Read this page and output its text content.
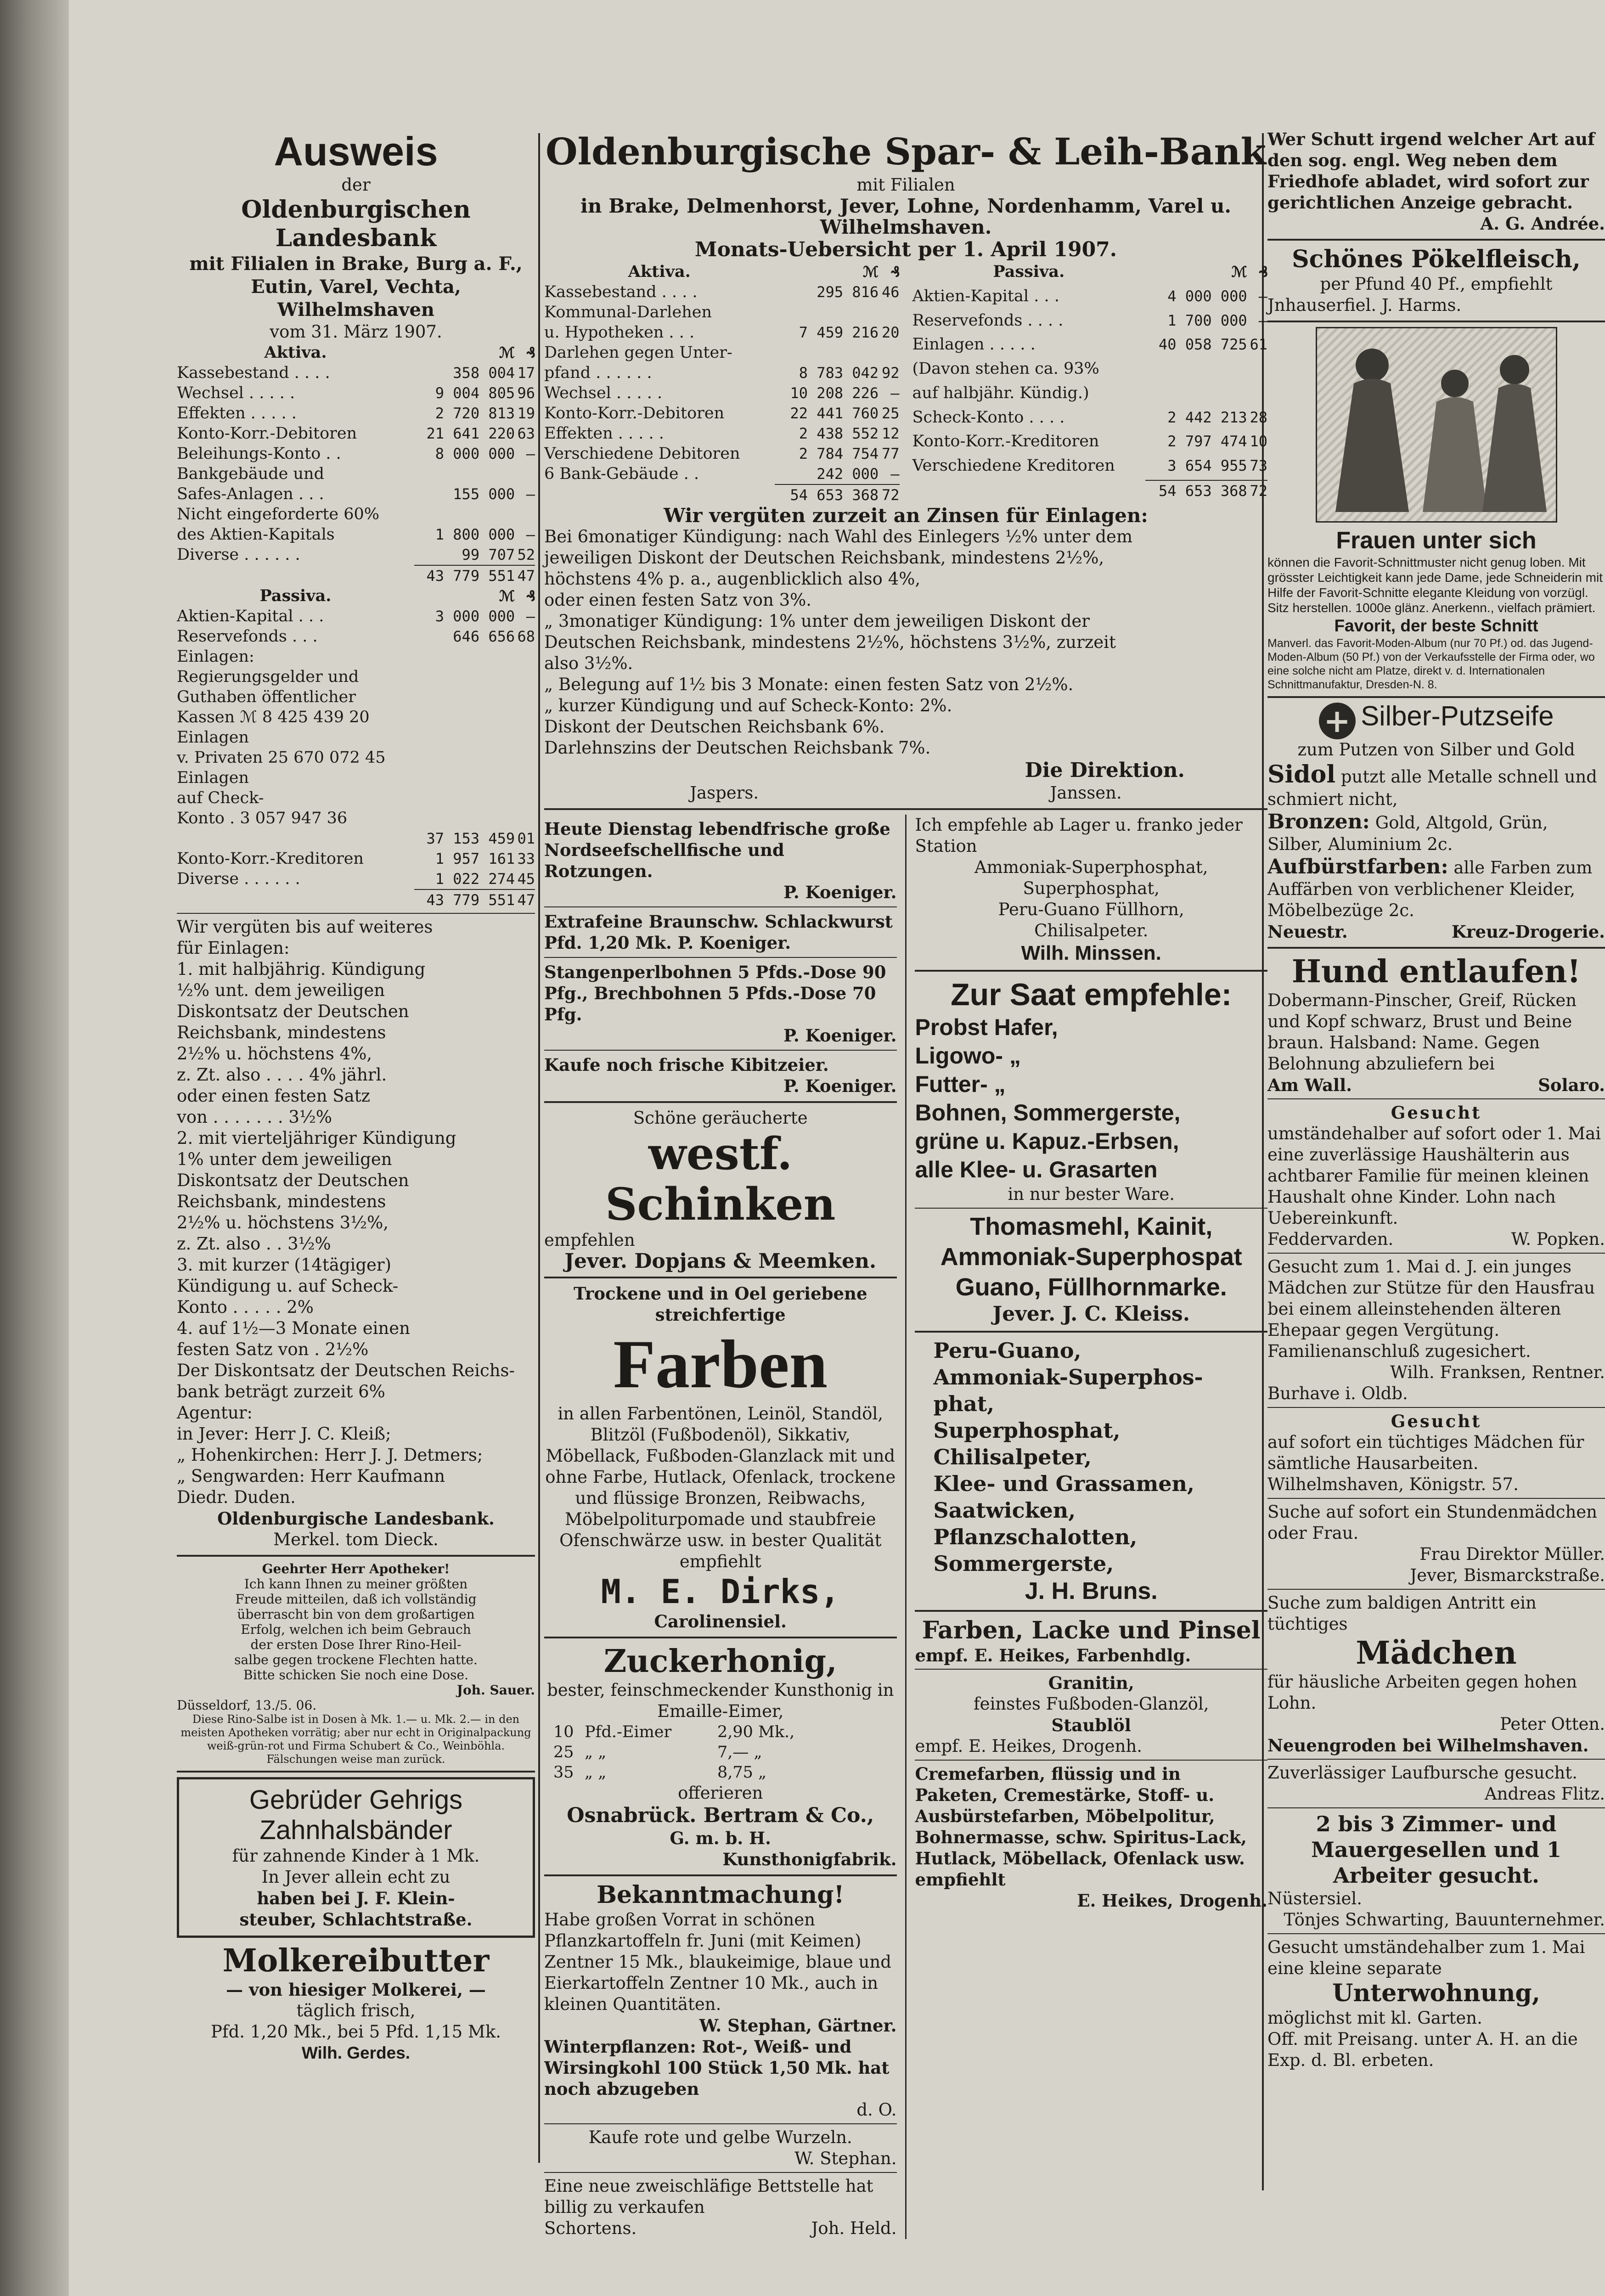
Ausweis
der
Oldenburgischen Landesbank
mit Filialen in Brake, Burg a. F., Eutin, Varel, Vechta, Wilhelmshaven
vom 31. März 1907.
Aktiva.	ℳ	₰
Kassebestand . . . .	358 004	17
Wechsel . . . . .	9 004 805	96
Effekten . . . . .	2 720 813	19
Konto-Korr.-Debitoren	21 641 220	63
Beleihungs-Konto . .	8 000 000	—
Bankgebäude und		
Safes-Anlagen . . .	155 000	—
Nicht eingeforderte 60%		
des Aktien-Kapitals	1 800 000	—
Diverse . . . . . .	99 707	52
	43 779 551	47
Passiva.	ℳ	₰
Aktien-Kapital . . .	3 000 000	—
Reservefonds . . .	646 656	68
Einlagen:		
Regierungsgelder und		
Guthaben öffentlicher		
Kassen ℳ 8 425 439 20		
Einlagen		
v. Privaten 25 670 072 45		
Einlagen		
auf Check-		
Konto . 3 057 947 36		
	37 153 459	01
Konto-Korr.-Kreditoren	1 957 161	33
Diverse . . . . . .	1 022 274	45
	43 779 551	47
Wir vergüten bis auf weiteres
für Einlagen:
1. mit halbjährig. Kündigung
½% unt. dem jeweiligen
Diskontsatz der Deutschen
Reichsbank, mindestens
2½% u. höchstens 4%,
z. Zt. also . . . . 4% jährl.
oder einen festen Satz
von . . . . . . . 3½%
2. mit vierteljähriger Kündigung
1% unter dem jeweiligen
Diskontsatz der Deutschen
Reichsbank, mindestens
2½% u. höchstens 3½%,
z. Zt. also . . 3½%
3. mit kurzer (14tägiger)
Kündigung u. auf Scheck-
Konto . . . . . 2%
4. auf 1½—3 Monate einen
festen Satz von . 2½%
Der Diskontsatz der Deutschen Reichs-
bank beträgt zurzeit 6%
Agentur:
in Jever: Herr J. C. Kleiß;
„ Hohenkirchen: Herr J. J. Detmers;
„ Sengwarden: Herr Kaufmann
Diedr. Duden.
Oldenburgische Landesbank.
Merkel. tom Dieck.
Geehrter Herr Apotheker!
Ich kann Ihnen zu meiner größten
Freude mitteilen, daß ich vollständig
überrascht bin von dem großartigen
Erfolg, welchen ich beim Gebrauch
der ersten Dose Ihrer Rino-Heil-
salbe gegen trockene Flechten hatte.
Bitte schicken Sie noch eine Dose.
Joh. Sauer.
Düsseldorf, 13./5. 06.
Diese Rino-Salbe ist in Dosen à Mk. 1.— u. Mk. 2.— in den meisten Apotheken vorrätig; aber nur echt in Originalpackung weiß-grün-rot und Firma Schubert & Co., Weinböhla. Fälschungen weise man zurück.
Gebrüder Gehrigs
Zahnhalsbänder
für zahnende Kinder à 1 Mk.
In Jever allein echt zu
haben bei J. F. Klein-
steuber, Schlachtstraße.
Molkereibutter
— von hiesiger Molkerei, —
täglich frisch,
Pfd. 1,20 Mk., bei 5 Pfd. 1,15 Mk.
Wilh. Gerdes.
Oldenburgische Spar- & Leih-Bank
mit Filialen
in Brake, Delmenhorst, Jever, Lohne, Nordenhamm, Varel u. Wilhelmshaven.
Monats-Uebersicht per 1. April 1907.
Aktiva.	ℳ	₰
Kassebestand . . . .	295 816	46
Kommunal-Darlehen		
u. Hypotheken . . .	7 459 216	20
Darlehen gegen Unter-		
pfand . . . . . .	8 783 042	92
Wechsel . . . . .	10 208 226	—
Konto-Korr.-Debitoren	22 441 760	25
Effekten . . . . .	2 438 552	12
Verschiedene Debitoren	2 784 754	77
6 Bank-Gebäude . .	242 000	—
	54 653 368	72
Passiva.	ℳ	₰
Aktien-Kapital . . .	4 000 000	—
Reservefonds . . . .	1 700 000	—
Einlagen . . . . .	40 058 725	61
(Davon stehen ca. 93%		
auf halbjähr. Kündig.)		
Scheck-Konto . . . .	2 442 213	28
Konto-Korr.-Kreditoren	2 797 474	10
Verschiedene Kreditoren	3 654 955	73
	54 653 368	72
Wir vergüten zurzeit an Zinsen für Einlagen:
Bei 6monatiger Kündigung: nach Wahl des Einlegers ½% unter dem
jeweiligen Diskont der Deutschen Reichsbank, mindestens 2½%,
höchstens 4% p. a., augenblicklich also 4%,
oder einen festen Satz von 3%.
„ 3monatiger Kündigung: 1% unter dem jeweiligen Diskont der
Deutschen Reichsbank, mindestens 2½%, höchstens 3½%, zurzeit
also 3½%.
„ Belegung auf 1½ bis 3 Monate: einen festen Satz von 2½%.
„ kurzer Kündigung und auf Scheck-Konto: 2%.
Diskont der Deutschen Reichsbank 6%.
Darlehnszins der Deutschen Reichsbank 7%.
Die Direktion.
Jaspers.	Janssen.
Heute Dienstag lebendfrische große Nordseefschellfische und Rotzungen.
P. Koeniger.
Extrafeine Braunschw. Schlackwurst Pfd. 1,20 Mk. P. Koeniger.
Stangenperlbohnen 5 Pfds.-Dose 90 Pfg., Brechbohnen 5 Pfds.-Dose 70 Pfg.
P. Koeniger.
Kaufe noch frische Kibitzeier.
P. Koeniger.
Schöne geräucherte
westf. Schinken
empfehlen
Jever. Dopjans & Meemken.
Trockene und in Oel geriebene streichfertige
Farben
in allen Farbentönen, Leinöl, Standöl, Blitzöl (Fußbodenöl), Sikkativ, Möbellack, Fußboden-Glanzlack mit und ohne Farbe, Hutlack, Ofenlack, trockene und flüssige Bronzen, Reibwachs, Möbelpoliturpomade und staubfreie Ofenschwärze usw. in bester Qualität empfiehlt
M. E. Dirks,
Carolinensiel.
Zuckerhonig,
bester, feinschmeckender Kunsthonig in Emaille-Eimer,
10	Pfd.-Eimer	2,90 Mk.,
25	„ „	7,— „
35	„ „	8,75 „
offerieren
Osnabrück. Bertram & Co.,
G. m. b. H.
Kunsthonigfabrik.
Bekanntmachung!
Habe großen Vorrat in schönen Pflanzkartoffeln fr. Juni (mit Keimen) Zentner 15 Mk., blaukeimige, blaue und Eierkartoffeln Zentner 10 Mk., auch in kleinen Quantitäten.
W. Stephan, Gärtner.
Winterpflanzen: Rot-, Weiß- und Wirsingkohl 100 Stück 1,50 Mk. hat noch abzugeben
d. O.
Kaufe rote und gelbe Wurzeln.
W. Stephan.
Eine neue zweischläfige Bettstelle hat billig zu verkaufen
Schortens.	Joh. Held.
Ich empfehle ab Lager u. franko jeder Station
Ammoniak-Superphosphat,
Superphosphat,
Peru-Guano Füllhorn,
Chilisalpeter.
Wilh. Minssen.
Zur Saat empfehle:
Probst Hafer,
Ligowo- „
Futter- „
Bohnen, Sommergerste,
grüne u. Kapuz.-Erbsen,
alle Klee- u. Grasarten
in nur bester Ware.
Thomasmehl, Kainit, Ammoniak-Superphospat Guano, Füllhornmarke.
Jever. J. C. Kleiss.
Peru-Guano,
Ammoniak-Superphos-
phat,
Superphosphat,
Chilisalpeter,
Klee- und Grassamen,
Saatwicken,
Pflanzschalotten,
Sommergerste,
J. H. Bruns.
Farben, Lacke und Pinsel
empf. E. Heikes, Farbenhdlg.
Granitin,
feinstes Fußboden-Glanzöl,
Staublöl
empf. E. Heikes, Drogenh.
Cremefarben, flüssig und in Paketen, Cremestärke, Stoff- u. Ausbürstefarben, Möbelpolitur, Bohnermasse, schw. Spiritus-Lack, Hutlack, Möbellack, Ofenlack usw. empfiehlt
E. Heikes, Drogenh.
Wer Schutt irgend welcher Art auf den sog. engl. Weg neben dem Friedhofe abladet, wird sofort zur gerichtlichen Anzeige gebracht.
A. G. Andrée.
Schönes Pökelfleisch,
per Pfund 40 Pf., empfiehlt
Jnhauserfiel. J. Harms.
Frauen unter sich
können die Favorit-Schnittmuster nicht genug loben. Mit grösster Leichtigkeit kann jede Dame, jede Schneiderin mit Hilfe der Favorit-Schnitte elegante Kleidung von vorzügl. Sitz herstellen. 1000e glänz. Anerkenn., vielfach prämiert.
Favorit, der beste Schnitt
Manverl. das Favorit-Moden-Album (nur 70 Pf.) od. das Jugend-Moden-Album (50 Pf.) von der Verkaufsstelle der Firma oder, wo eine solche nicht am Platze, direkt v. d. Internationalen Schnittmanufaktur, Dresden-N. 8.
+ Silber-Putzseife
zum Putzen von Silber und Gold
Sidol putzt alle Metalle schnell und schmiert nicht,
Bronzen: Gold, Altgold, Grün, Silber, Aluminium 2c.
Aufbürstfarben: alle Farben zum Auffärben von verblichener Kleider, Möbelbezüge 2c.
Neuestr.	Kreuz-Drogerie.
Hund entlaufen!
Dobermann-Pinscher, Greif, Rücken und Kopf schwarz, Brust und Beine braun. Halsband: Name. Gegen Belohnung abzuliefern bei
Am Wall.	Solaro.
Gesucht
umständehalber auf sofort oder 1. Mai eine zuverlässige Haushälterin aus achtbarer Familie für meinen kleinen Haushalt ohne Kinder. Lohn nach Uebereinkunft.
Feddervarden.	W. Popken.
Gesucht zum 1. Mai d. J. ein junges Mädchen zur Stütze für den Hausfrau bei einem alleinstehenden älteren Ehepaar gegen Vergütung. Familienanschluß zugesichert.
Wilh. Franksen, Rentner.
Burhave i. Oldb.
Gesucht
auf sofort ein tüchtiges Mädchen für sämtliche Hausarbeiten.
Wilhelmshaven, Königstr. 57.
Suche auf sofort ein Stundenmädchen oder Frau.
Frau Direktor Müller.
Jever, Bismarckstraße.
Suche zum baldigen Antritt ein tüchtiges
Mädchen
für häusliche Arbeiten gegen hohen Lohn.
Peter Otten.
Neuengroden bei Wilhelmshaven.
Zuverlässiger Laufbursche gesucht.
Andreas Flitz.
2 bis 3 Zimmer- und Mauergesellen und 1 Arbeiter gesucht.
Nüstersiel.
Tönjes Schwarting, Bauunternehmer.
Gesucht umständehalber zum 1. Mai eine kleine separate
Unterwohnung,
möglichst mit kl. Garten.
Off. mit Preisang. unter A. H. an die Exp. d. Bl. erbeten.
